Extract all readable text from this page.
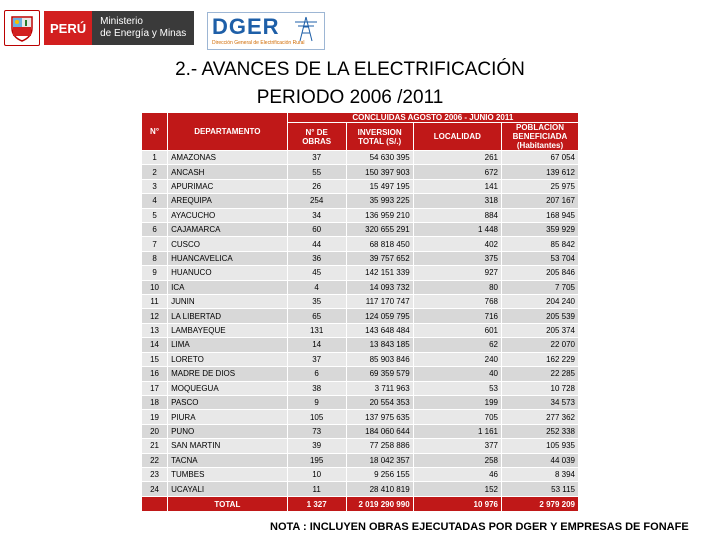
PERÚ	Ministerio
de Energía y Minas DGER
Dirección General de Electrificación Rural
2.- AVANCES DE LA ELECTRIFICACIÓN
PERIODO 2006 /2011
N°	DEPARTAMENTO	CONCLUIDAS AGOSTO 2006 - JUNIO 2011			
		N° DE OBRAS	INVERSION TOTAL (S/.)	LOCALIDAD	POBLACION BENEFICIADA (Habitantes)
1	AMAZONAS	37	54 630 395	261	67 054
2	ANCASH	55	150 397 903	672	139 612
3	APURIMAC	26	15 497 195	141	25 975
4	AREQUIPA	254	35 993 225	318	207 167
5	AYACUCHO	34	136 959 210	884	168 945
6	CAJAMARCA	60	320 655 291	1 448	359 929
7	CUSCO	44	68 818 450	402	85 842
8	HUANCAVELICA	36	39 757 652	375	53 704
9	HUANUCO	45	142 151 339	927	205 846
10	ICA	4	14 093 732	80	7 705
11	JUNIN	35	117 170 747	768	204 240
12	LA LIBERTAD	65	124 059 795	716	205 539
13	LAMBAYEQUE	131	143 648 484	601	205 374
14	LIMA	14	13 843 185	62	22 070
15	LORETO	37	85 903 846	240	162 229
16	MADRE DE DIOS	6	69 359 579	40	22 285
17	MOQUEGUA	38	3 711 963	53	10 728
18	PASCO	9	20 554 353	199	34 573
19	PIURA	105	137 975 635	705	277 362
20	PUNO	73	184 060 644	1 161	252 338
21	SAN MARTIN	39	77 258 886	377	105 935
22	TACNA	195	18 042 357	258	44 039
23	TUMBES	10	9 256 155	46	8 394
24	UCAYALI	11	28 410 819	152	53 115
	TOTAL	1 327	2 019 290 990	10 976	2 979 209
NOTA : INCLUYEN OBRAS EJECUTADAS POR DGER Y EMPRESAS DE FONAFE
